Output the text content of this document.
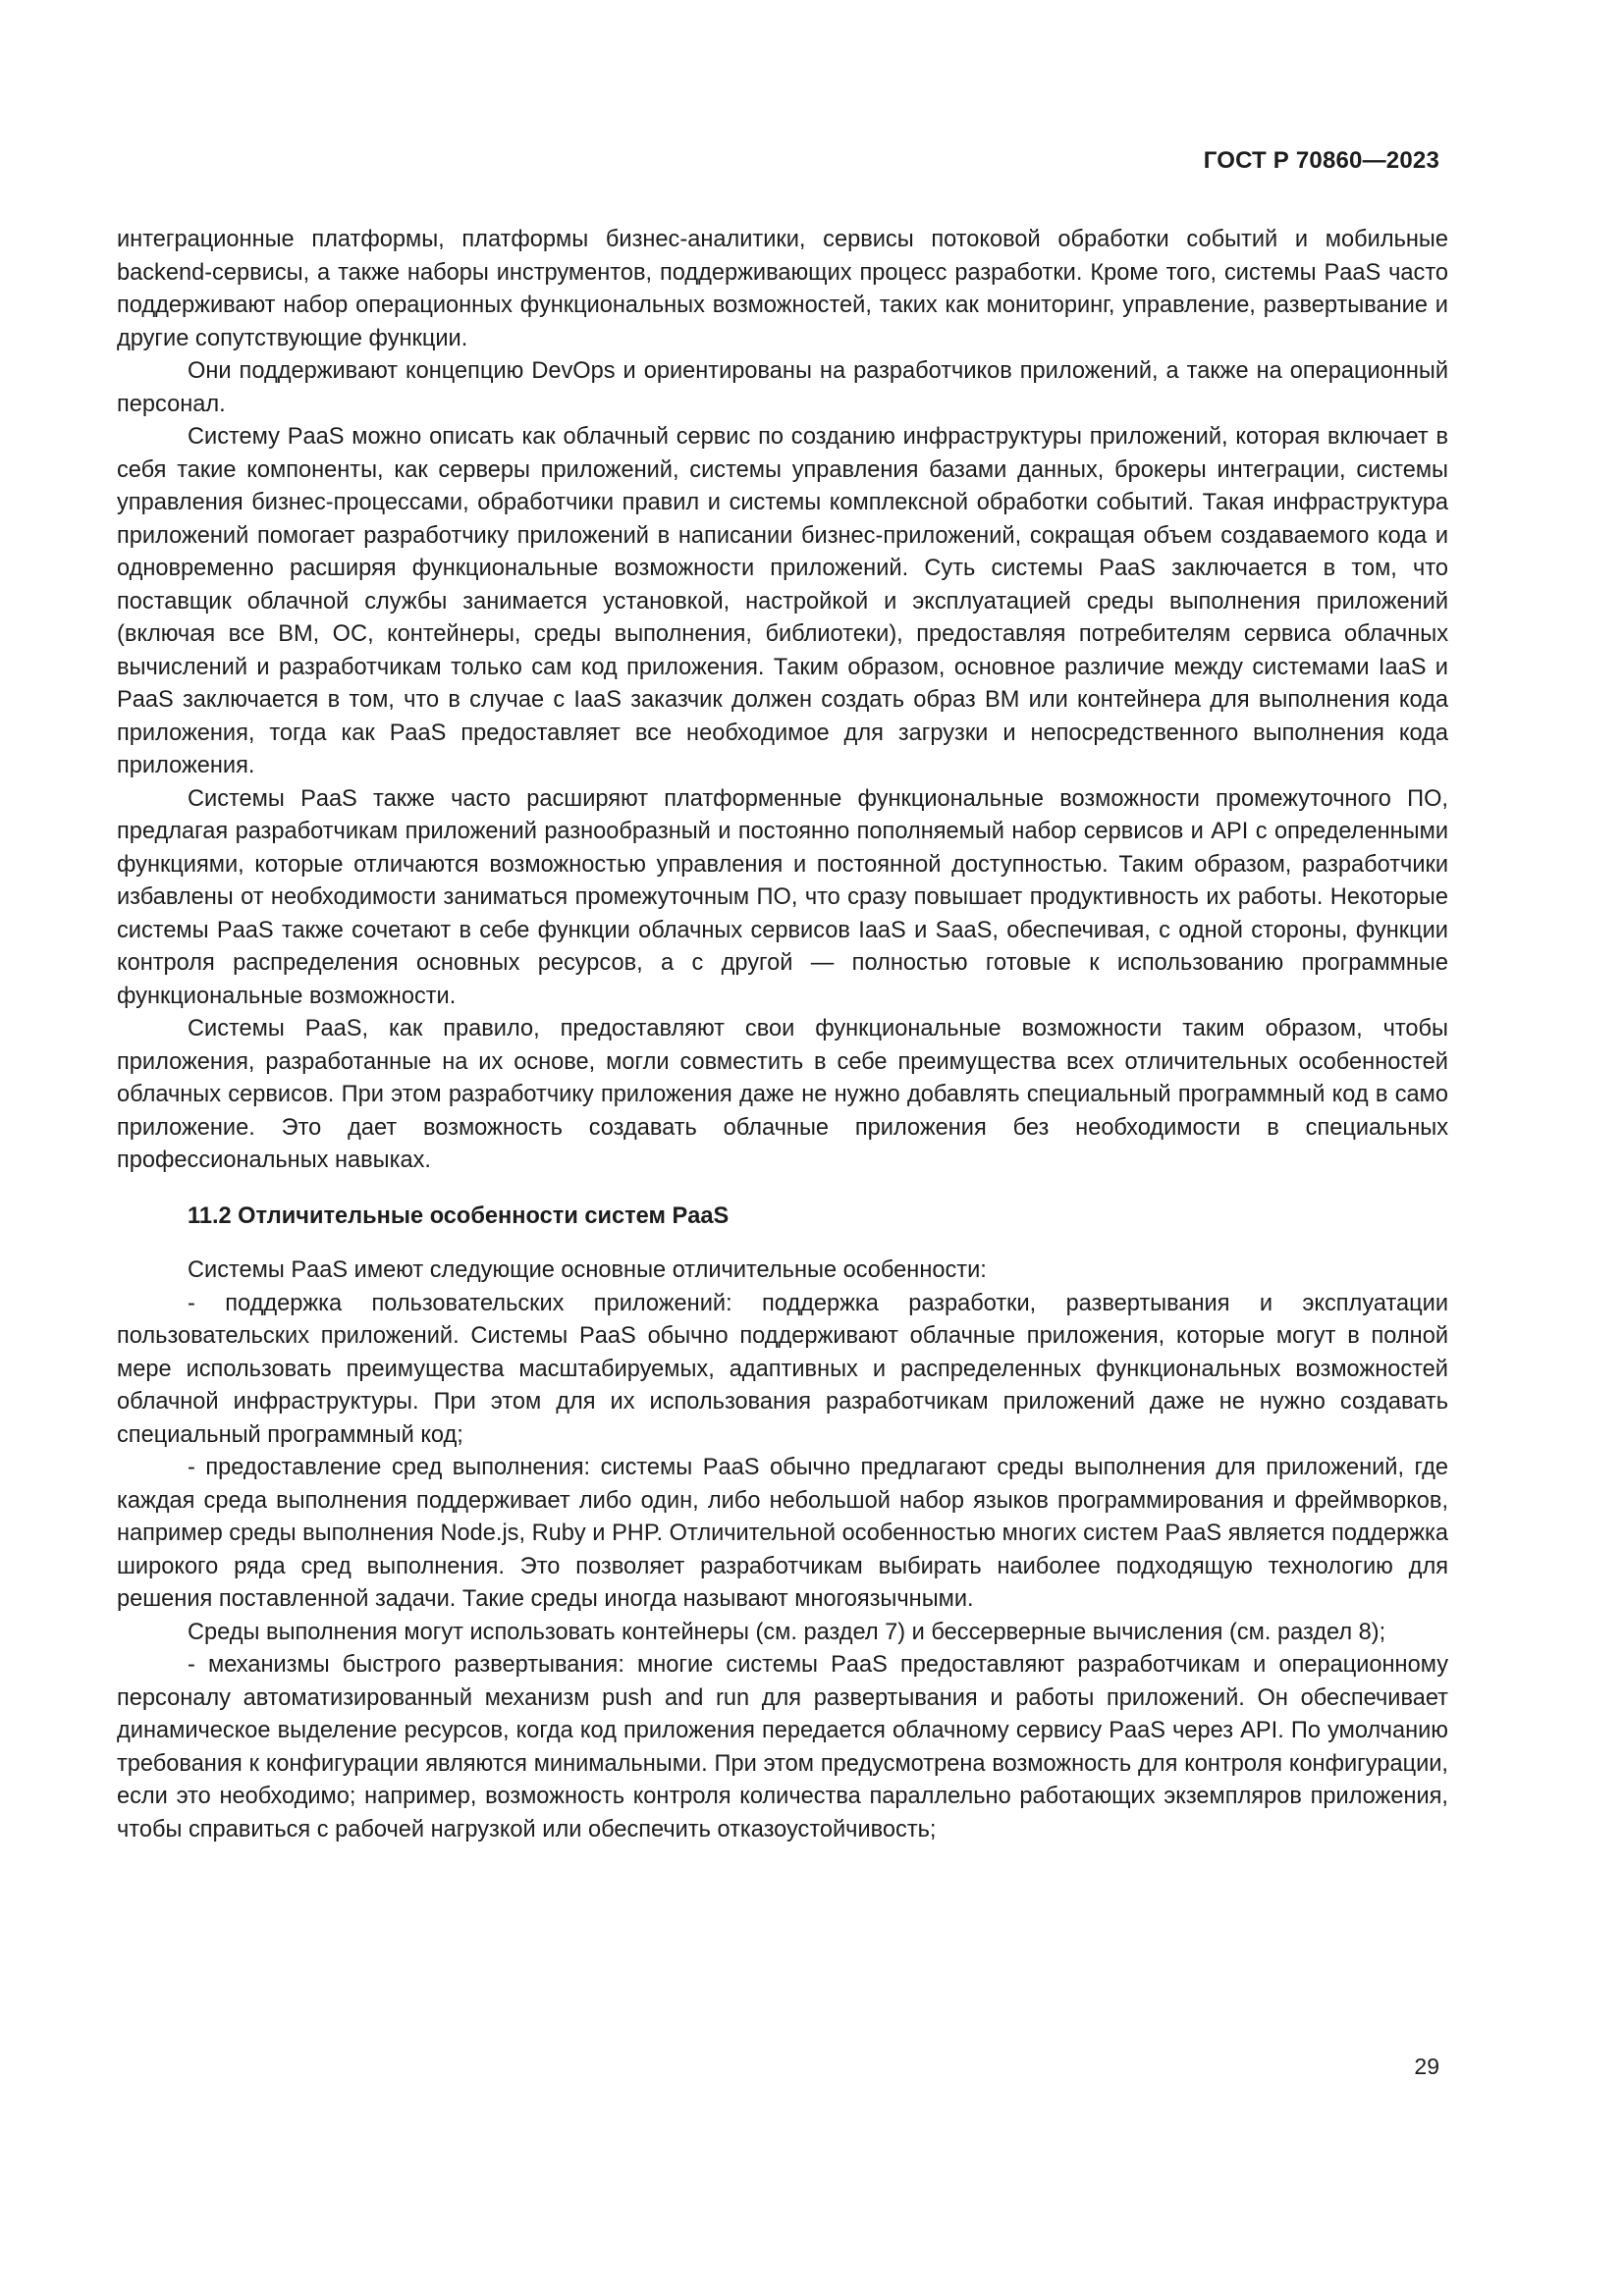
ГОСТ Р 70860—2023

интеграционные платформы, платформы бизнес-аналитики, сервисы потоковой обработки событий и мобильные backend-сервисы, а также наборы инструментов, поддерживающих процесс разработки. Кроме того, системы PaaS часто поддерживают набор операционных функциональных возможностей, таких как мониторинг, управление, развертывание и другие сопутствующие функции.

Они поддерживают концепцию DevOps и ориентированы на разработчиков приложений, а также на операционный персонал.

Систему PaaS можно описать как облачный сервис по созданию инфраструктуры приложений, которая включает в себя такие компоненты, как серверы приложений, системы управления базами данных, брокеры интеграции, системы управления бизнес-процессами, обработчики правил и системы комплексной обработки событий. Такая инфраструктура приложений помогает разработчику приложений в написании бизнес-приложений, сокращая объем создаваемого кода и одновременно расширяя функциональные возможности приложений. Суть системы PaaS заключается в том, что поставщик облачной службы занимается установкой, настройкой и эксплуатацией среды выполнения приложений (включая все ВМ, ОС, контейнеры, среды выполнения, библиотеки), предоставляя потребителям сервиса облачных вычислений и разработчикам только сам код приложения. Таким образом, основное различие между системами IaaS и PaaS заключается в том, что в случае с IaaS заказчик должен создать образ ВМ или контейнера для выполнения кода приложения, тогда как PaaS предоставляет все необходимое для загрузки и непосредственного выполнения кода приложения.

Системы PaaS также часто расширяют платформенные функциональные возможности промежуточного ПО, предлагая разработчикам приложений разнообразный и постоянно пополняемый набор сервисов и API с определенными функциями, которые отличаются возможностью управления и постоянной доступностью. Таким образом, разработчики избавлены от необходимости заниматься промежуточным ПО, что сразу повышает продуктивность их работы. Некоторые системы PaaS также сочетают в себе функции облачных сервисов IaaS и SaaS, обеспечивая, с одной стороны, функции контроля распределения основных ресурсов, а с другой — полностью готовые к использованию программные функциональные возможности.

Системы PaaS, как правило, предоставляют свои функциональные возможности таким образом, чтобы приложения, разработанные на их основе, могли совместить в себе преимущества всех отличительных особенностей облачных сервисов. При этом разработчику приложения даже не нужно добавлять специальный программный код в само приложение. Это дает возможность создавать облачные приложения без необходимости в специальных профессиональных навыках.

11.2 Отличительные особенности систем PaaS

Системы PaaS имеют следующие основные отличительные особенности:

- поддержка пользовательских приложений: поддержка разработки, развертывания и эксплуатации пользовательских приложений. Системы PaaS обычно поддерживают облачные приложения, которые могут в полной мере использовать преимущества масштабируемых, адаптивных и распределенных функциональных возможностей облачной инфраструктуры. При этом для их использования разработчикам приложений даже не нужно создавать специальный программный код;

- предоставление сред выполнения: системы PaaS обычно предлагают среды выполнения для приложений, где каждая среда выполнения поддерживает либо один, либо небольшой набор языков программирования и фреймворков, например среды выполнения Node.js, Ruby и PHP. Отличительной особенностью многих систем PaaS является поддержка широкого ряда сред выполнения. Это позволяет разработчикам выбирать наиболее подходящую технологию для решения поставленной задачи. Такие среды иногда называют многоязычными.

Среды выполнения могут использовать контейнеры (см. раздел 7) и бессерверные вычисления (см. раздел 8);

- механизмы быстрого развертывания: многие системы PaaS предоставляют разработчикам и операционному персоналу автоматизированный механизм push and run для развертывания и работы приложений. Он обеспечивает динамическое выделение ресурсов, когда код приложения передается облачному сервису PaaS через API. По умолчанию требования к конфигурации являются минимальными. При этом предусмотрена возможность для контроля конфигурации, если это необходимо; например, возможность контроля количества параллельно работающих экземпляров приложения, чтобы справиться с рабочей нагрузкой или обеспечить отказоустойчивость;

29
